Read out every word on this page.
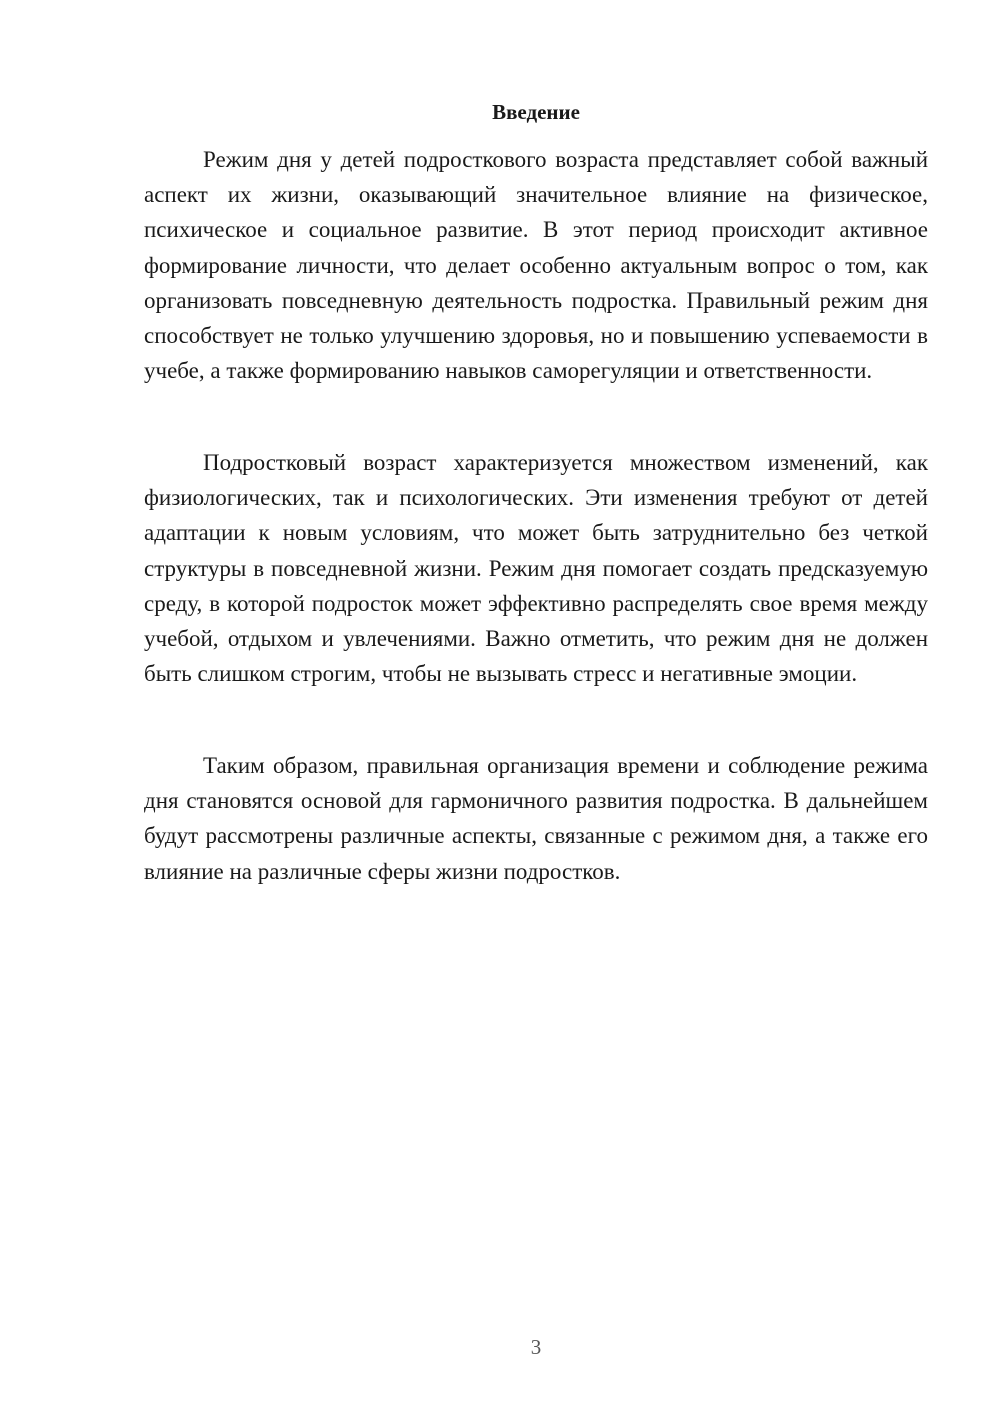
Введение

Режим дня у детей подросткового возраста представляет собой важный аспект их жизни, оказывающий значительное влияние на физическое, психическое и социальное развитие. В этот период происходит активное формирование личности, что делает особенно актуальным вопрос о том, как организовать повседневную деятельность подростка. Правильный режим дня способствует не только улучшению здоровья, но и повышению успеваемости в учебе, а также формированию навыков саморегуляции и ответственности.

Подростковый возраст характеризуется множеством изменений, как физиологических, так и психологических. Эти изменения требуют от детей адаптации к новым условиям, что может быть затруднительно без четкой структуры в повседневной жизни. Режим дня помогает создать предсказуемую среду, в которой подросток может эффективно распределять свое время между учебой, отдыхом и увлечениями. Важно отметить, что режим дня не должен быть слишком строгим, чтобы не вызывать стресс и негативные эмоции.

Таким образом, правильная организация времени и соблюдение режима дня становятся основой для гармоничного развития подростка. В дальнейшем будут рассмотрены различные аспекты, связанные с режимом дня, а также его влияние на различные сферы жизни подростков.

3
